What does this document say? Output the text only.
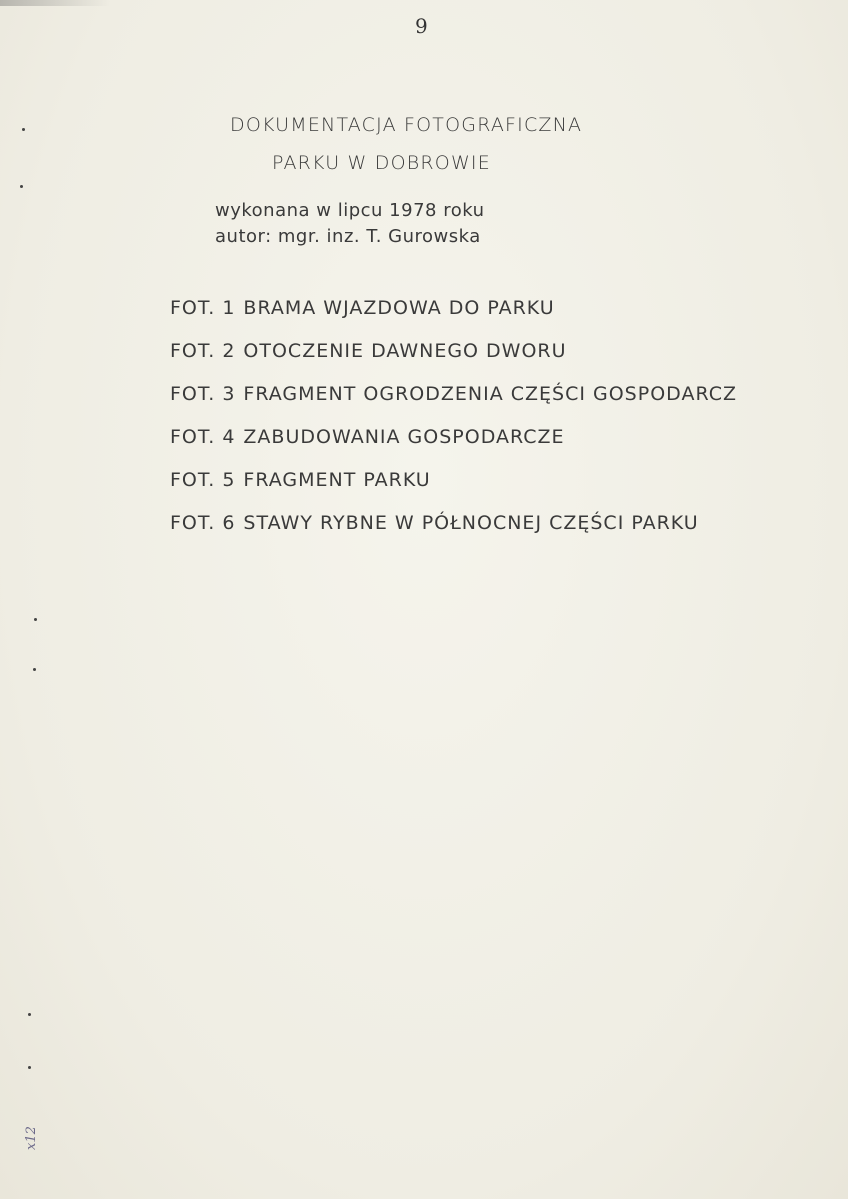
9
DOKUMENTACJA FOTOGRAFICZNA
PARKU W DOBROWIE
wykonana w lipcu 1978 roku
autor: mgr. inz. T. Gurowska
FOT. 1 BRAMA WJAZDOWA DO PARKU
FOT. 2 OTOCZENIE DAWNEGO DWORU
FOT. 3 FRAGMENT OGRODZENIA CZĘŚCI GOSPODARCZ
FOT. 4 ZABUDOWANIA GOSPODARCZE
FOT. 5 FRAGMENT PARKU
FOT. 6 STAWY RYBNE W PÓŁNOCNEJ CZĘŚCI PARKU
x12
